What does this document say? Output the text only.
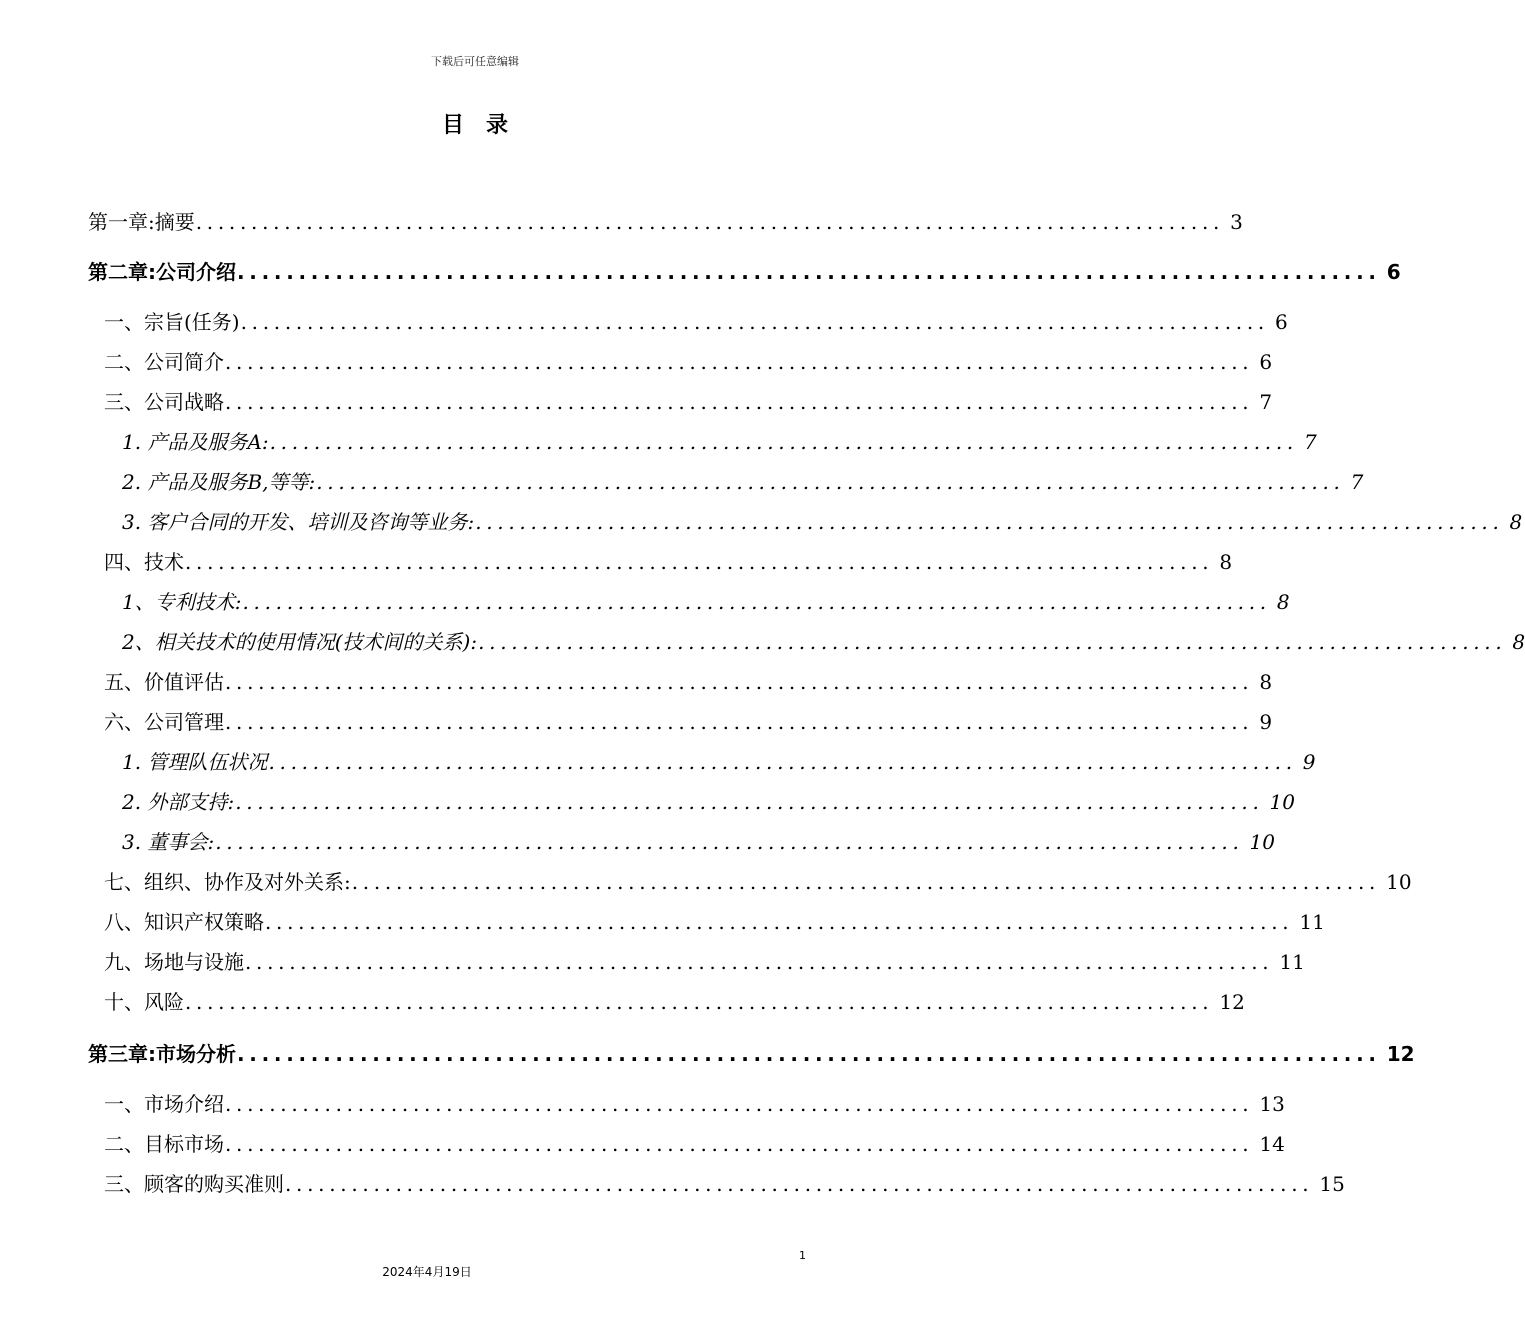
下载后可任意编辑
目录
第一章:摘要 ............................................................................................. 3
第二章:公司介绍 ............................................................................................. 6
一、宗旨(任务) ............................................................................................. 6
二、公司简介 ............................................................................................. 6
三、公司战略 ............................................................................................. 7
1. 产品及服务A: ............................................................................................. 7
2. 产品及服务B,等等: ............................................................................................. 7
3. 客户合同的开发、培训及咨询等业务: ............................................................................................. 8
四、技术 ............................................................................................. 8
1、专利技术: ............................................................................................. 8
2、相关技术的使用情况(技术间的关系): ............................................................................................. 8
五、价值评估 ............................................................................................. 8
六、公司管理 ............................................................................................. 9
1. 管理队伍状况 ............................................................................................. 9
2. 外部支持: ............................................................................................. 10
3. 董事会: ............................................................................................. 10
七、组织、协作及对外关系: ............................................................................................. 10
八、知识产权策略 ............................................................................................. 11
九、场地与设施 ............................................................................................. 11
十、风险 ............................................................................................. 12
第三章:市场分析 ............................................................................................. 12
一、市场介绍 ............................................................................................. 13
二、目标市场 ............................................................................................. 14
三、顾客的购买准则 ............................................................................................. 15
1
2024年4月19日
